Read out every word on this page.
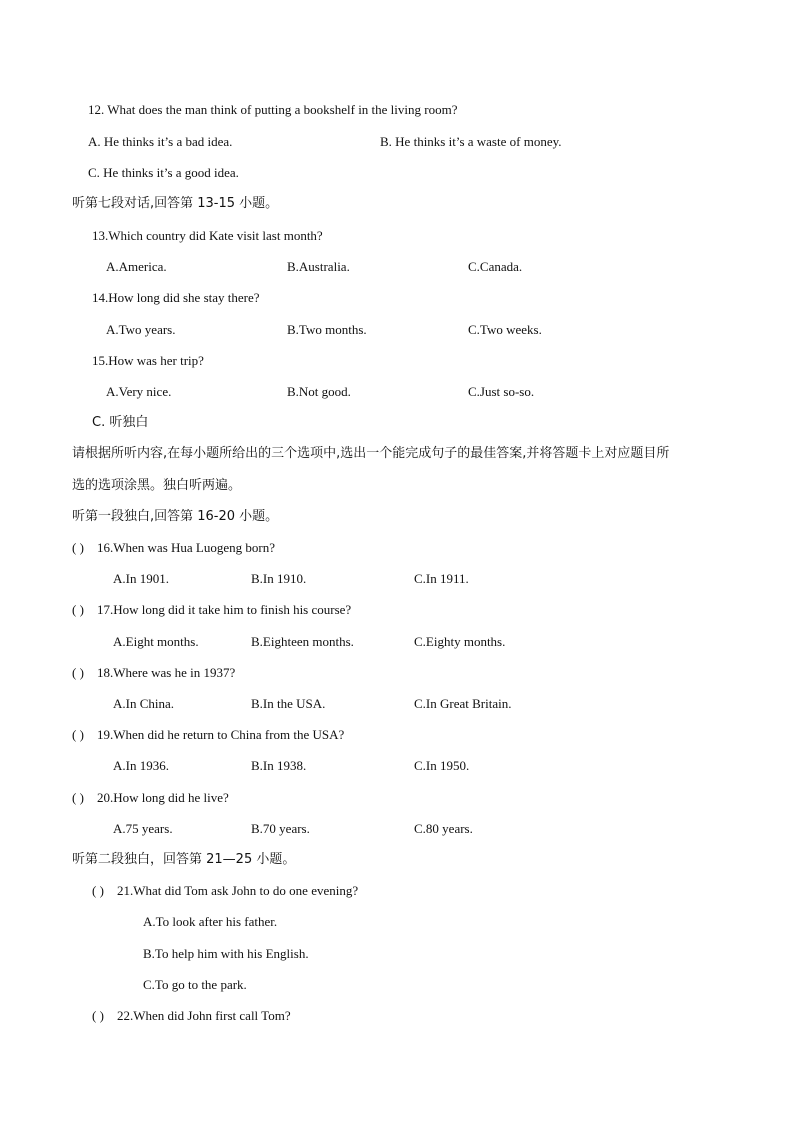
12. What does the man think of putting a bookshelf in the living room?
A. He thinks it’s a bad idea.	B. He thinks it’s a waste of money.
C. He thinks it’s a good idea.
听第七段对话,回答第 13-15 小题。
13.Which country did Kate visit last month?
A.America.	B.Australia.	C.Canada.
14.How long did she stay there?
A.Two years.	B.Two months.	C.Two weeks.
15.How was her trip?
A.Very nice.	B.Not good.	C.Just so-so.
C. 听独白
请根据所听内容,在每小题所给出的三个选项中,选出一个能完成句子的最佳答案,并将答题卡上对应题目所
选的选项涂黑。独白听两遍。
听第一段独白,回答第 16-20 小题。
( ) 16.When was Hua Luogeng born?
A.In 1901.	B.In 1910.	C.In 1911.
( ) 17.How long did it take him to finish his course?
A.Eight months.	B.Eighteen months.	C.Eighty months.
( ) 18.Where was he in 1937?
A.In China.	B.In the USA.	C.In Great Britain.
( ) 19.When did he return to China from the USA?
A.In 1936.	B.In 1938.	C.In 1950.
( ) 20.How long did he live?
A.75 years.	B.70 years.	C.80 years.
听第二段独白，回答第 21—25 小题。
( ) 21.What did Tom ask John to do one evening?
A.To look after his father.
B.To help him with his English.
C.To go to the park.
( ) 22.When did John first call Tom?
